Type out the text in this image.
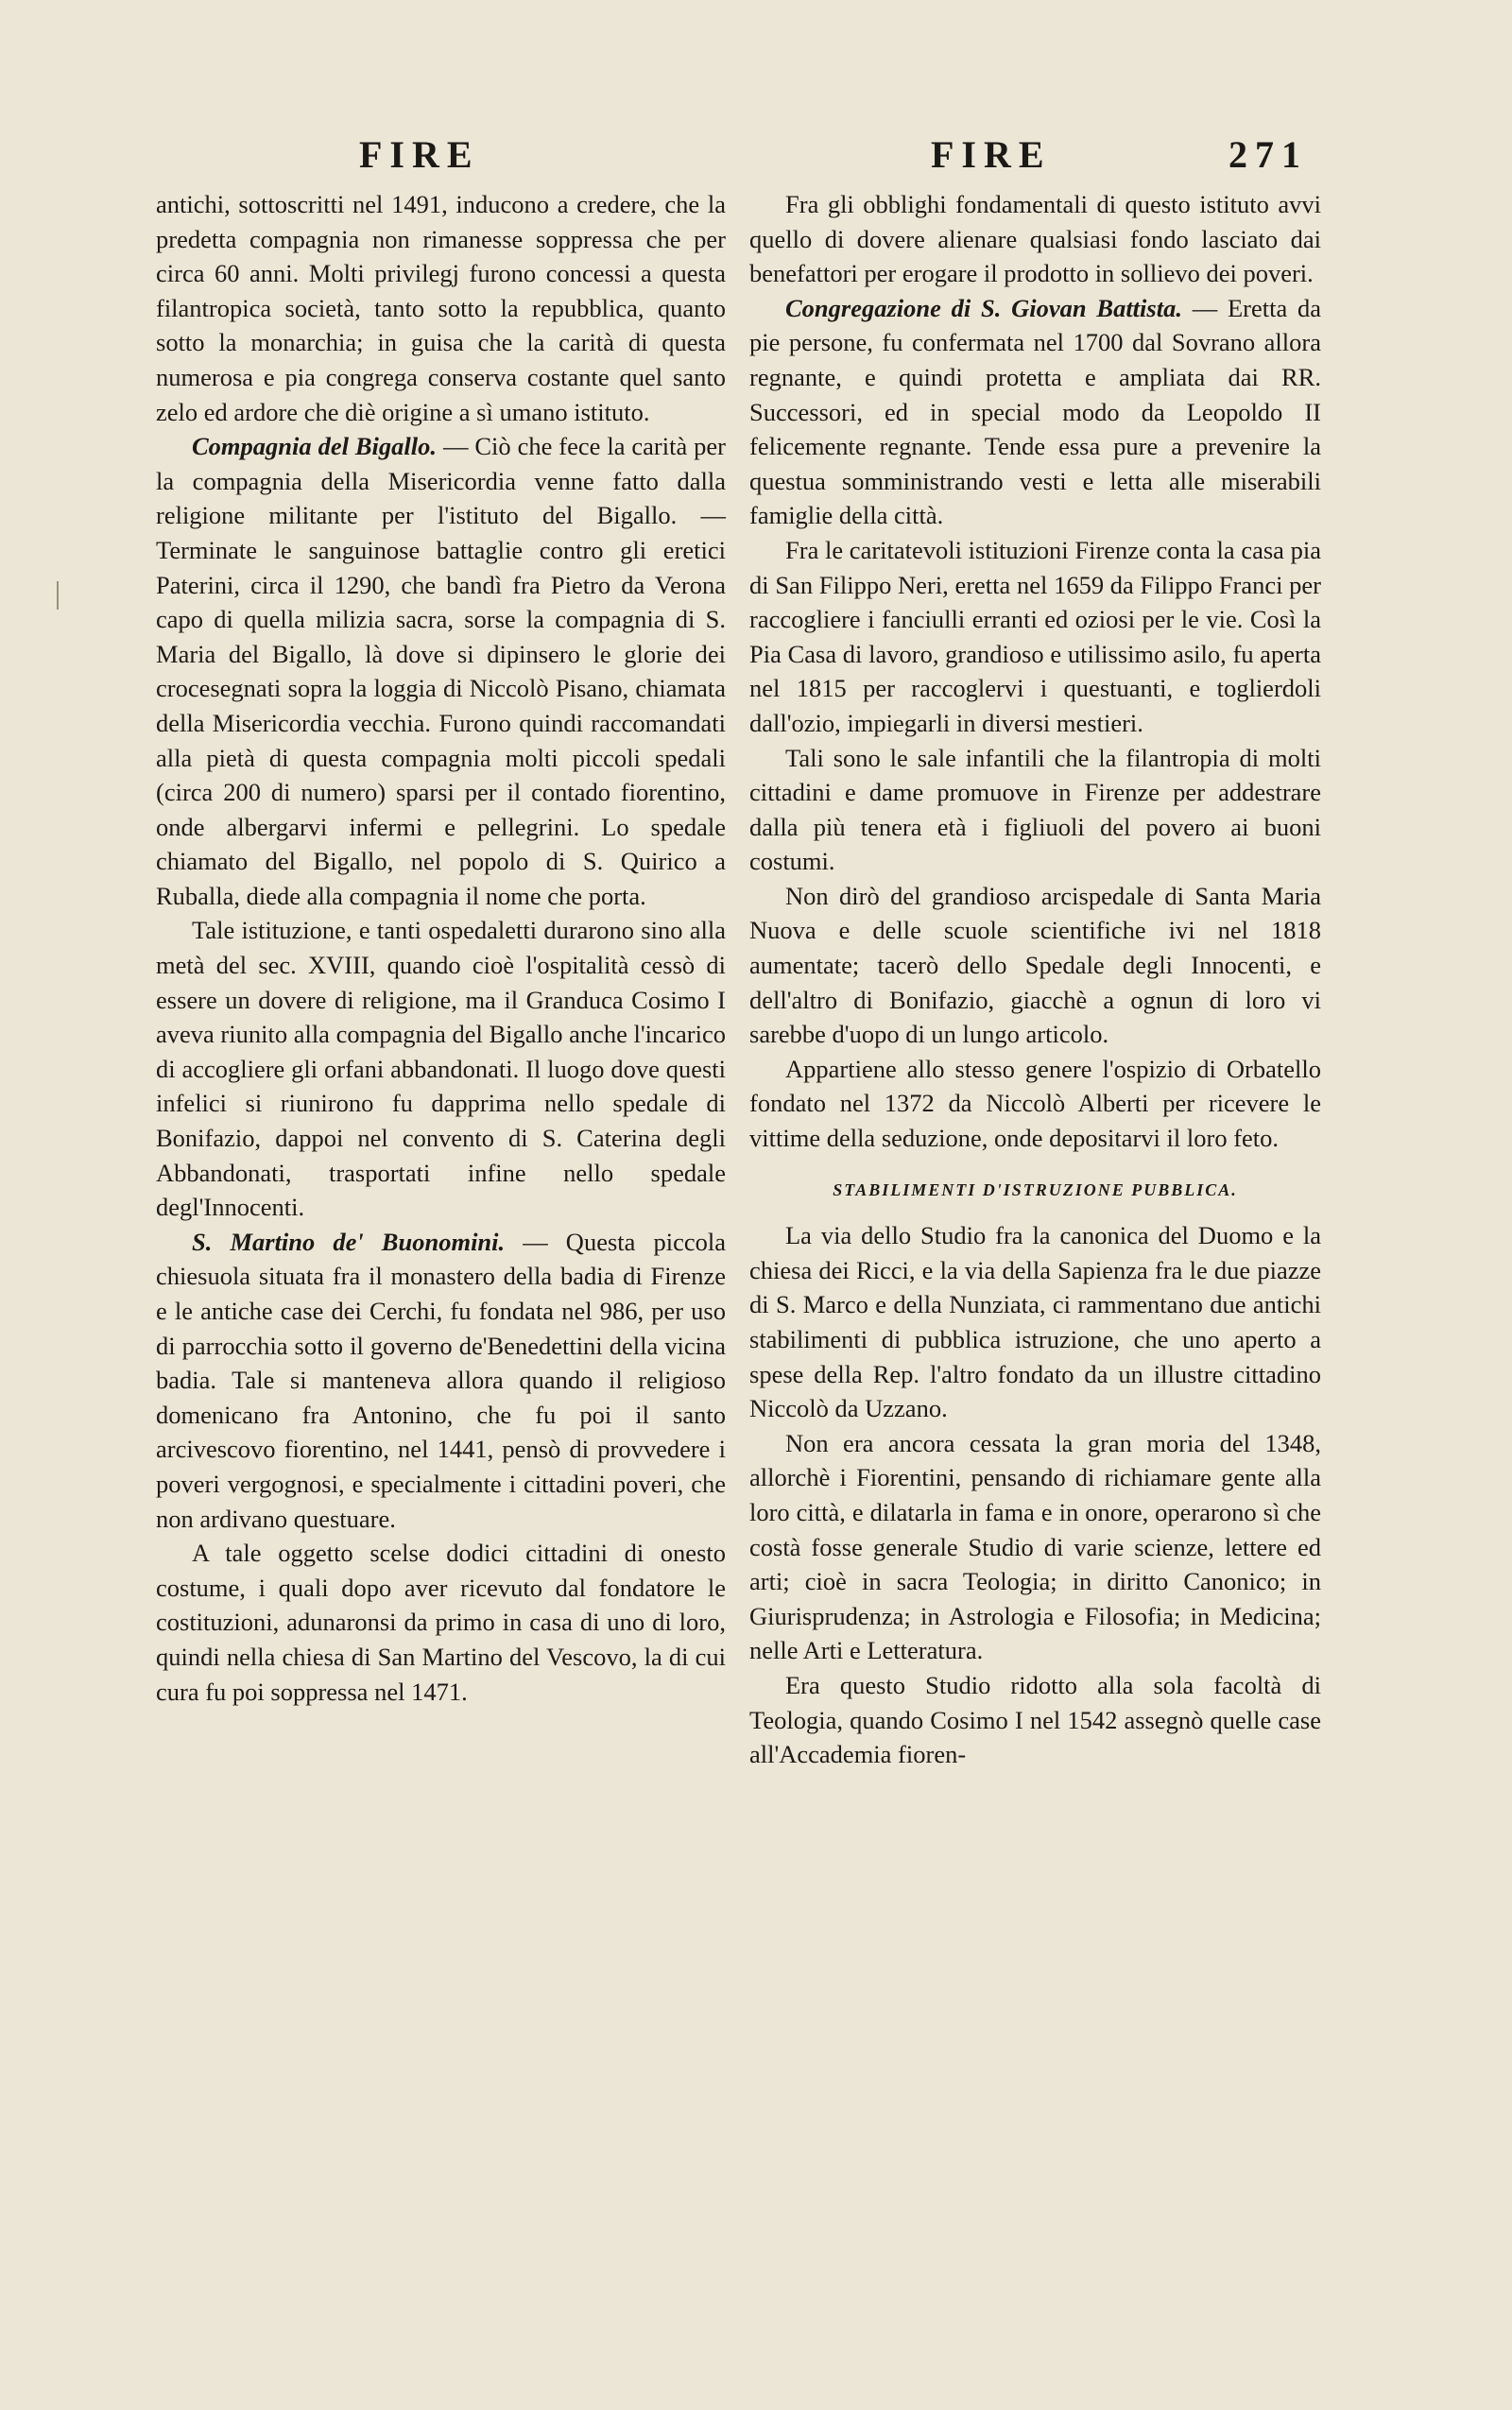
FIRE	FIRE	271

antichi, sottoscritti nel 1491, inducono a credere, che la predetta compagnia non rimanesse soppressa che per circa 60 anni. Molti privilegj furono concessi a questa filantropica società, tanto sotto la repubblica, quanto sotto la monarchia; in guisa che la carità di questa numerosa e pia congrega conserva costante quel santo zelo ed ardore che diè origine a sì umano istituto.

Compagnia del Bigallo. — Ciò che fece la carità per la compagnia della Misericordia venne fatto dalla religione militante per l'istituto del Bigallo. — Terminate le sanguinose battaglie contro gli eretici Paterini, circa il 1290, che bandì fra Pietro da Verona capo di quella milizia sacra, sorse la compagnia di S. Maria del Bigallo, là dove si dipinsero le glorie dei crocesegnati sopra la loggia di Niccolò Pisano, chiamata della Misericordia vecchia. Furono quindi raccomandati alla pietà di questa compagnia molti piccoli spedali (circa 200 di numero) sparsi per il contado fiorentino, onde albergarvi infermi e pellegrini. Lo spedale chiamato del Bigallo, nel popolo di S. Quirico a Ruballa, diede alla compagnia il nome che porta.

Tale istituzione, e tanti ospedaletti durarono sino alla metà del sec. XVIII, quando cioè l'ospitalità cessò di essere un dovere di religione, ma il Granduca Cosimo I aveva riunito alla compagnia del Bigallo anche l'incarico di accogliere gli orfani abbandonati. Il luogo dove questi infelici si riunirono fu dapprima nello spedale di Bonifazio, dappoi nel convento di S. Caterina degli Abbandonati, trasportati infine nello spedale degl'Innocenti.

S. Martino de' Buonomini. — Questa piccola chiesuola situata fra il monastero della badia di Firenze e le antiche case dei Cerchi, fu fondata nel 986, per uso di parrocchia sotto il governo de'Benedettini della vicina badia. Tale si manteneva allora quando il religioso domenicano fra Antonino, che fu poi il santo arcivescovo fiorentino, nel 1441, pensò di provvedere i poveri vergognosi, e specialmente i cittadini poveri, che non ardivano questuare.

A tale oggetto scelse dodici cittadini di onesto costume, i quali dopo aver ricevuto dal fondatore le costituzioni, adunaronsi da primo in casa di uno di loro, quindi nella chiesa di San Martino del Vescovo, la di cui cura fu poi soppressa nel 1471.

Fra gli obblighi fondamentali di questo istituto avvi quello di dovere alienare qualsiasi fondo lasciato dai benefattori per erogare il prodotto in sollievo dei poveri.

Congregazione di S. Giovan Battista. — Eretta da pie persone, fu confermata nel 1700 dal Sovrano allora regnante, e quindi protetta e ampliata dai RR. Successori, ed in special modo da Leopoldo II felicemente regnante. Tende essa pure a prevenire la questua somministrando vesti e letta alle miserabili famiglie della città.

Fra le caritatevoli istituzioni Firenze conta la casa pia di San Filippo Neri, eretta nel 1659 da Filippo Franci per raccogliere i fanciulli erranti ed oziosi per le vie. Così la Pia Casa di lavoro, grandioso e utilissimo asilo, fu aperta nel 1815 per raccoglervi i questuanti, e toglierdoli dall'ozio, impiegarli in diversi mestieri.

Tali sono le sale infantili che la filantropia di molti cittadini e dame promuove in Firenze per addestrare dalla più tenera età i figliuoli del povero ai buoni costumi.

Non dirò del grandioso arcispedale di Santa Maria Nuova e delle scuole scientifiche ivi nel 1818 aumentate; tacerò dello Spedale degli Innocenti, e dell'altro di Bonifazio, giacchè a ognun di loro vi sarebbe d'uopo di un lungo articolo.

Appartiene allo stesso genere l'ospizio di Orbatello fondato nel 1372 da Niccolò Alberti per ricevere le vittime della seduzione, onde depositarvi il loro feto.

STABILIMENTI D'ISTRUZIONE PUBBLICA.

La via dello Studio fra la canonica del Duomo e la chiesa dei Ricci, e la via della Sapienza fra le due piazze di S. Marco e della Nunziata, ci rammentano due antichi stabilimenti di pubblica istruzione, che uno aperto a spese della Rep. l'altro fondato da un illustre cittadino Niccolò da Uzzano.

Non era ancora cessata la gran moria del 1348, allorchè i Fiorentini, pensando di richiamare gente alla loro città, e dilatarla in fama e in onore, operarono sì che costà fosse generale Studio di varie scienze, lettere ed arti; cioè in sacra Teologia; in diritto Canonico; in Giurisprudenza; in Astrologia e Filosofia; in Medicina; nelle Arti e Letteratura.

Era questo Studio ridotto alla sola facoltà di Teologia, quando Cosimo I nel 1542 assegnò quelle case all'Accademia fioren-
